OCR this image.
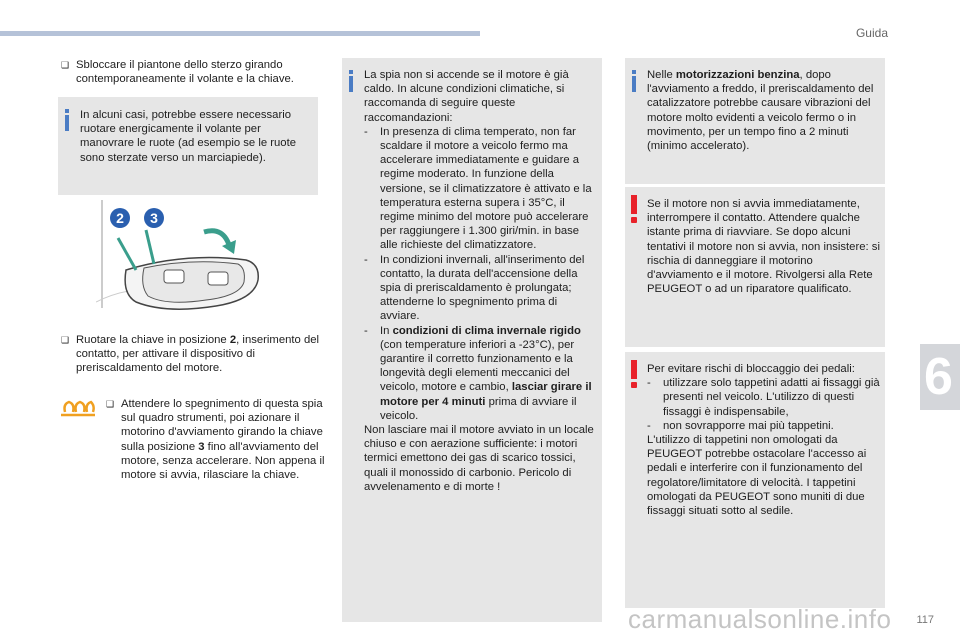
Guida
❑ Sbloccare il piantone dello sterzo girando contemporaneamente il volante e la chiave.
In alcuni casi, potrebbe essere necessario ruotare energicamente il volante per manovrare le ruote (ad esempio se le ruote sono sterzate verso un marciapiede).
2 3
❑ Ruotare la chiave in posizione 2, inserimento del contatto, per attivare il dispositivo di preriscaldamento del motore.
❑ Attendere lo spegnimento di questa spia sul quadro strumenti, poi azionare il motorino d'avviamento girando la chiave sulla posizione 3 fino all'avviamento del motore, senza accelerare. Non appena il motore si avvia, rilasciare la chiave.
La spia non si accende se il motore è già caldo. In alcune condizioni climatiche, si raccomanda di seguire queste raccomandazioni:
- In presenza di clima temperato, non far scaldare il motore a veicolo fermo ma accelerare immediatamente e guidare a regime moderato. In funzione della versione, se il climatizzatore è attivato e la temperatura esterna supera i 35°C, il regime minimo del motore può accelerare per raggiungere i 1.300 giri/min. in base alle richieste del climatizzatore.
- In condizioni invernali, all'inserimento del contatto, la durata dell'accensione della spia di preriscaldamento è prolungata; attenderne lo spegnimento prima di avviare.
- In condizioni di clima invernale rigido (con temperature inferiori a -23°C), per garantire il corretto funzionamento e la longevità degli elementi meccanici del veicolo, motore e cambio, lasciar girare il motore per 4 minuti prima di avviare il veicolo.
Non lasciare mai il motore avviato in un locale chiuso e con aerazione sufficiente: i motori termici emettono dei gas di scarico tossici, quali il monossido di carbonio. Pericolo di avvelenamento e di morte !
Nelle motorizzazioni benzina, dopo l'avviamento a freddo, il preriscaldamento del catalizzatore potrebbe causare vibrazioni del motore molto evidenti a veicolo fermo o in movimento, per un tempo fino a 2 minuti (minimo accelerato).
Se il motore non si avvia immediatamente, interrompere il contatto. Attendere qualche istante prima di riavviare. Se dopo alcuni tentativi il motore non si avvia, non insistere: si rischia di danneggiare il motorino d'avviamento e il motore. Rivolgersi alla Rete PEUGEOT o ad un riparatore qualificato.
Per evitare rischi di bloccaggio dei pedali:
- utilizzare solo tappetini adatti ai fissaggi già presenti nel veicolo. L'utilizzo di questi fissaggi è indispensabile,
- non sovrapporre mai più tappetini.
L'utilizzo di tappetini non omologati da PEUGEOT potrebbe ostacolare l'accesso ai pedali e interferire con il funzionamento del regolatore/limitatore di velocità. I tappetini omologati da PEUGEOT sono muniti di due fissaggi situati sotto al sedile.
6
carmanualsonline.info 117
